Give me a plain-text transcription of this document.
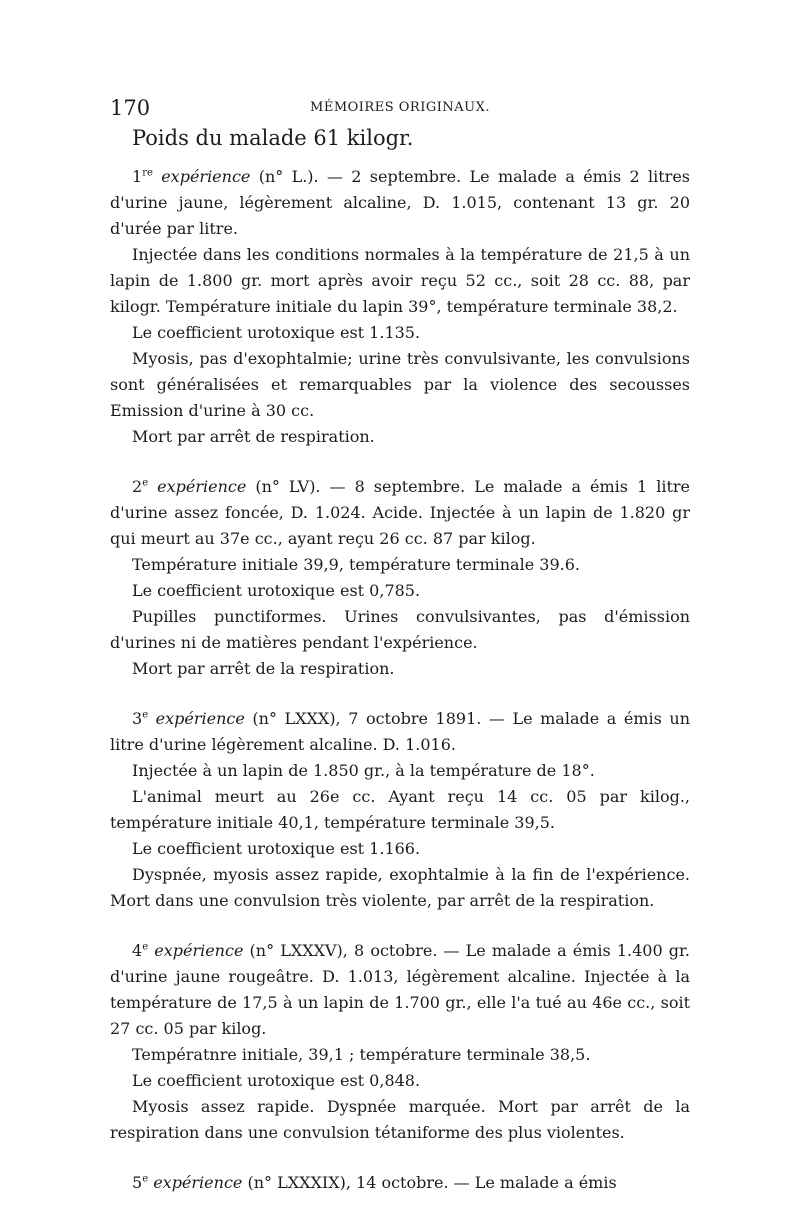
170	MÉMOIRES ORIGINAUX.
Poids du malade 61 kilogr.

1re expérience (n° L.). — 2 septembre. Le malade a émis 2 litres d'urine jaune, légèrement alcaline, D. 1.015, contenant 13 gr. 20 d'urée par litre.

Injectée dans les conditions normales à la température de 21,5 à un lapin de 1.800 gr. mort après avoir reçu 52 cc., soit 28 cc. 88, par kilogr. Température initiale du lapin 39°, température terminale 38,2.

Le coefficient urotoxique est 1.135.

Myosis, pas d'exophtalmie; urine très convulsivante, les convulsions sont généralisées et remarquables par la violence des secousses Emission d'urine à 30 cc.

Mort par arrêt de respiration.

2e expérience (n° LV). — 8 septembre. Le malade a émis 1 litre d'urine assez foncée, D. 1.024. Acide. Injectée à un lapin de 1.820 gr qui meurt au 37e cc., ayant reçu 26 cc. 87 par kilog.

Température initiale 39,9, température terminale 39.6.

Le coefficient urotoxique est 0,785.

Pupilles punctiformes. Urines convulsivantes, pas d'émission d'urines ni de matières pendant l'expérience.

Mort par arrêt de la respiration.

3e expérience (n° LXXX), 7 octobre 1891. — Le malade a émis un litre d'urine légèrement alcaline. D. 1.016.

Injectée à un lapin de 1.850 gr., à la température de 18°.

L'animal meurt au 26e cc. Ayant reçu 14 cc. 05 par kilog., température initiale 40,1, température terminale 39,5.

Le coefficient urotoxique est 1.166.

Dyspnée, myosis assez rapide, exophtalmie à la fin de l'expérience. Mort dans une convulsion très violente, par arrêt de la respiration.

4e expérience (n° LXXXV), 8 octobre. — Le malade a émis 1.400 gr. d'urine jaune rougeâtre. D. 1.013, légèrement alcaline. Injectée à la température de 17,5 à un lapin de 1.700 gr., elle l'a tué au 46e cc., soit 27 cc. 05 par kilog.

Températnre initiale, 39,1 ; température terminale 38,5.

Le coefficient urotoxique est 0,848.

Myosis assez rapide. Dyspnée marquée. Mort par arrêt de la respiration dans une convulsion tétaniforme des plus violentes.

5e expérience (n° LXXXIX), 14 octobre. — Le malade a émis
